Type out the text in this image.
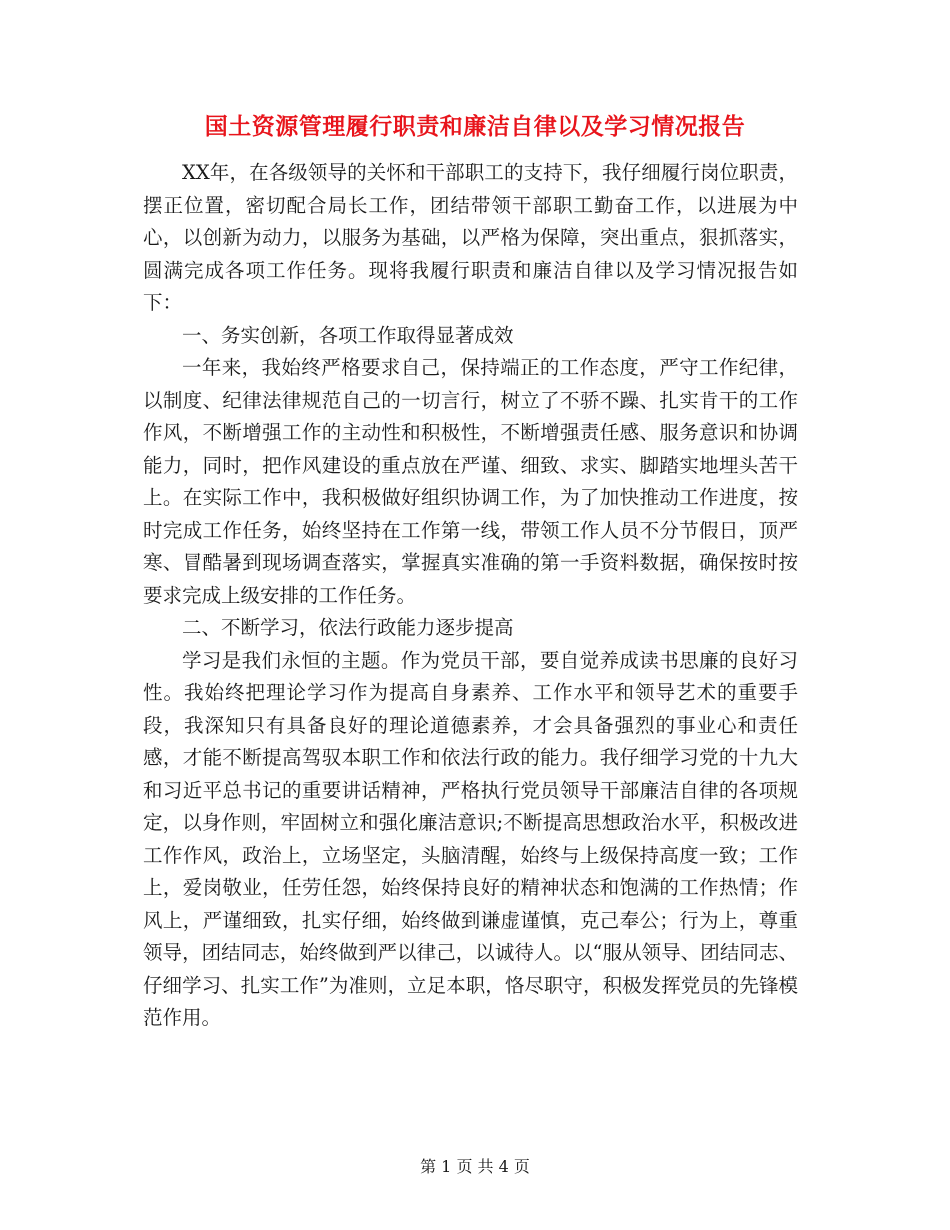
国土资源管理履行职责和廉洁自律以及学习情况报告

XX年，在各级领导的关怀和干部职工的支持下，我仔细履行岗位职责，摆正位置，密切配合局长工作，团结带领干部职工勤奋工作，以进展为中心，以创新为动力，以服务为基础，以严格为保障，突出重点，狠抓落实，圆满完成各项工作任务。现将我履行职责和廉洁自律以及学习情况报告如下：

一、务实创新，各项工作取得显著成效

一年来，我始终严格要求自己，保持端正的工作态度，严守工作纪律，以制度、纪律法律规范自己的一切言行，树立了不骄不躁、扎实肯干的工作作风，不断增强工作的主动性和积极性，不断增强责任感、服务意识和协调能力，同时，把作风建设的重点放在严谨、细致、求实、脚踏实地埋头苦干上。在实际工作中，我积极做好组织协调工作，为了加快推动工作进度，按时完成工作任务，始终坚持在工作第一线，带领工作人员不分节假日，顶严寒、冒酷暑到现场调查落实，掌握真实准确的第一手资料数据，确保按时按要求完成上级安排的工作任务。

二、不断学习，依法行政能力逐步提高

学习是我们永恒的主题。作为党员干部，要自觉养成读书思廉的良好习性。我始终把理论学习作为提高自身素养、工作水平和领导艺术的重要手段，我深知只有具备良好的理论道德素养，才会具备强烈的事业心和责任感，才能不断提高驾驭本职工作和依法行政的能力。我仔细学习党的十九大和习近平总书记的重要讲话精神，严格执行党员领导干部廉洁自律的各项规定，以身作则，牢固树立和强化廉洁意识;不断提高思想政治水平，积极改进工作作风，政治上，立场坚定，头脑清醒，始终与上级保持高度一致；工作上，爱岗敬业，任劳任怨，始终保持良好的精神状态和饱满的工作热情；作风上，严谨细致，扎实仔细，始终做到谦虚谨慎，克己奉公；行为上，尊重领导，团结同志，始终做到严以律己，以诚待人。以“服从领导、团结同志、仔细学习、扎实工作”为准则，立足本职，恪尽职守，积极发挥党员的先锋模范作用。

第 1 页 共 4 页
